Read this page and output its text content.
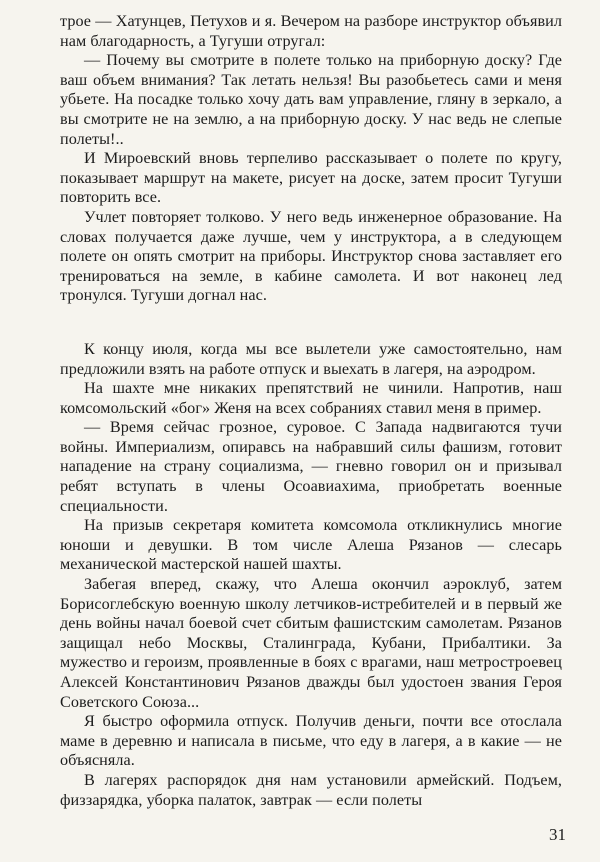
трое — Хатунцев, Петухов и я. Вечером на разборе инструктор объявил нам благодарность, а Тугуши отругал:

— Почему вы смотрите в полете только на приборную доску? Где ваш объем внимания? Так летать нельзя! Вы разобьетесь сами и меня убьете. На посадке только хочу дать вам управление, гляну в зеркало, а вы смотрите не на землю, а на приборную доску. У нас ведь не слепые полеты!..

И Мироевский вновь терпеливо рассказывает о полете по кругу, показывает маршрут на макете, рисует на доске, затем просит Тугуши повторить все.

Учлет повторяет толково. У него ведь инженерное образование. На словах получается даже лучше, чем у инструктора, а в следующем полете он опять смотрит на приборы. Инструктор снова заставляет его тренироваться на земле, в кабине самолета. И вот наконец лед тронулся. Тугуши догнал нас.

К концу июля, когда мы все вылетели уже самостоятельно, нам предложили взять на работе отпуск и выехать в лагеря, на аэродром.

На шахте мне никаких препятствий не чинили. Напротив, наш комсомольский «бог» Женя на всех собраниях ставил меня в пример.

— Время сейчас грозное, суровое. С Запада надвигаются тучи войны. Империализм, опиравсь на набравший силы фашизм, готовит нападение на страну социализма, — гневно говорил он и призывал ребят вступать в члены Осоавиахима, приобретать военные специальности.

На призыв секретаря комитета комсомола откликнулись многие юноши и девушки. В том числе Алеша Рязанов — слесарь механической мастерской нашей шахты.

Забегая вперед, скажу, что Алеша окончил аэроклуб, затем Борисоглебскую военную школу летчиков-истребителей и в первый же день войны начал боевой счет сбитым фашистским самолетам. Рязанов защищал небо Москвы, Сталинграда, Кубани, Прибалтики. За мужество и героизм, проявленные в боях с врагами, наш метростроевец Алексей Константинович Рязанов дважды был удостоен звания Героя Советского Союза...

Я быстро оформила отпуск. Получив деньги, почти все отослала маме в деревню и написала в письме, что еду в лагеря, а в какие — не объясняла.

В лагерях распорядок дня нам установили армейский. Подъем, физзарядка, уборка палаток, завтрак — если полеты

31
